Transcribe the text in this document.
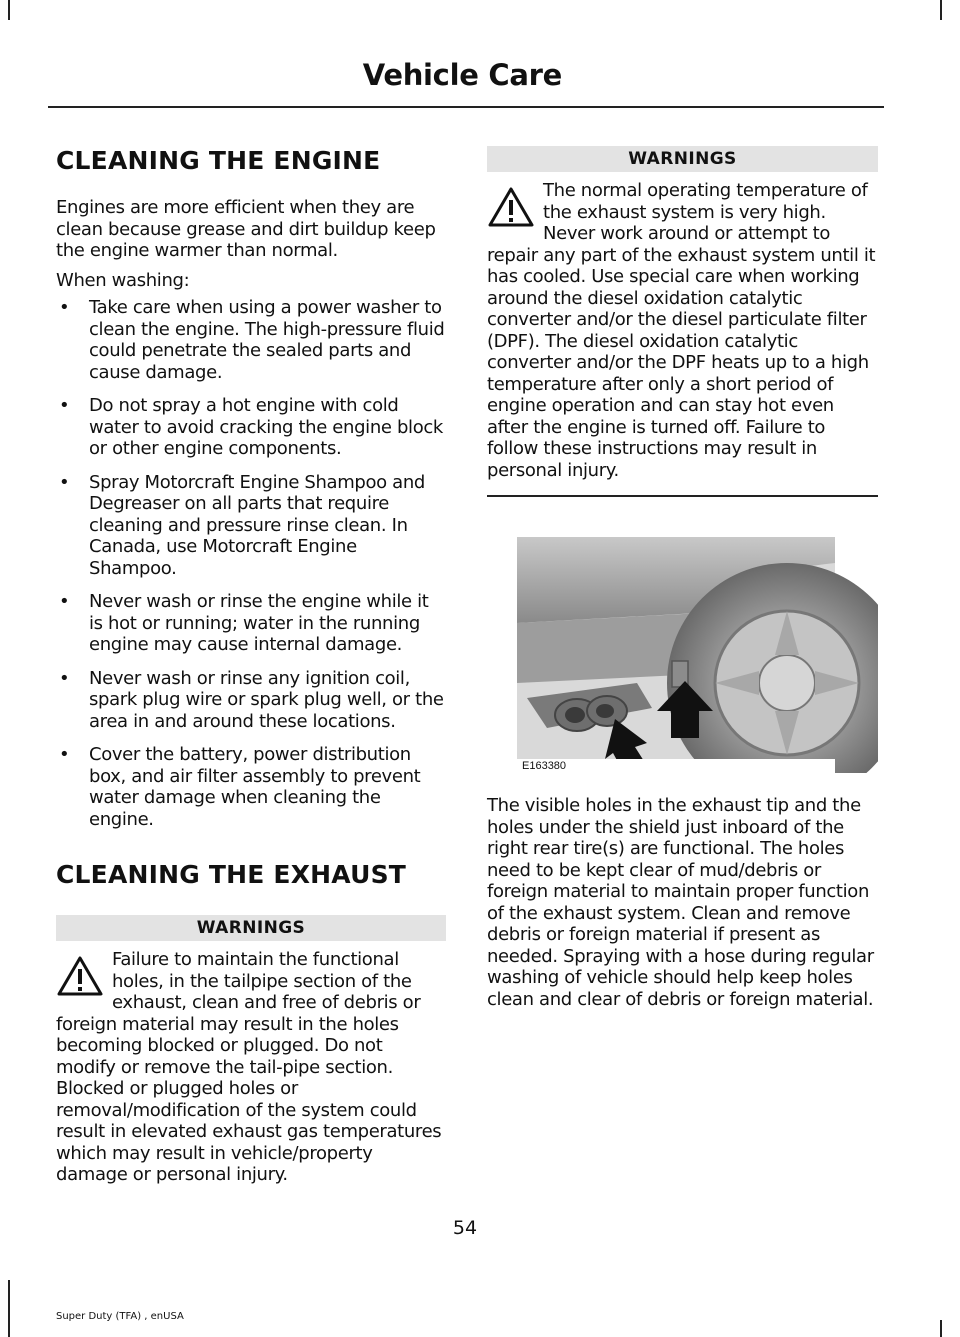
Vehicle Care
CLEANING THE ENGINE

Engines are more efficient when they are clean because grease and dirt buildup keep the engine warmer than normal.

When washing:

• Take care when using a power washer to clean the engine. The high-pressure fluid could penetrate the sealed parts and cause damage.
• Do not spray a hot engine with cold water to avoid cracking the engine block or other engine components.
• Spray Motorcraft Engine Shampoo and Degreaser on all parts that require cleaning and pressure rinse clean. In Canada, use Motorcraft Engine Shampoo.
• Never wash or rinse the engine while it is hot or running; water in the running engine may cause internal damage.
• Never wash or rinse any ignition coil, spark plug wire or spark plug well, or the area in and around these locations.
• Cover the battery, power distribution box, and air filter assembly to prevent water damage when cleaning the engine.
CLEANING THE EXHAUST
WARNINGS
Failure to maintain the functional holes, in the tailpipe section of the exhaust, clean and free of debris or foreign material may result in the holes becoming blocked or plugged. Do not modify or remove the tail-pipe section. Blocked or plugged holes or removal/modification of the system could result in elevated exhaust gas temperatures which may result in vehicle/property damage or personal injury.
WARNINGS
The normal operating temperature of the exhaust system is very high. Never work around or attempt to repair any part of the exhaust system until it has cooled. Use special care when working around the diesel oxidation catalytic converter and/or the diesel particulate filter (DPF). The diesel oxidation catalytic converter and/or the DPF heats up to a high temperature after only a short period of engine operation and can stay hot even after the engine is turned off. Failure to follow these instructions may result in personal injury.
E163380

The visible holes in the exhaust tip and the holes under the shield just inboard of the right rear tire(s) are functional. The holes need to be kept clear of mud/debris or foreign material to maintain proper function of the exhaust system. Clean and remove debris or foreign material if present as needed. Spraying with a hose during regular washing of vehicle should help keep holes clean and clear of debris or foreign material.

54
Super Duty (TFA) , enUSA
